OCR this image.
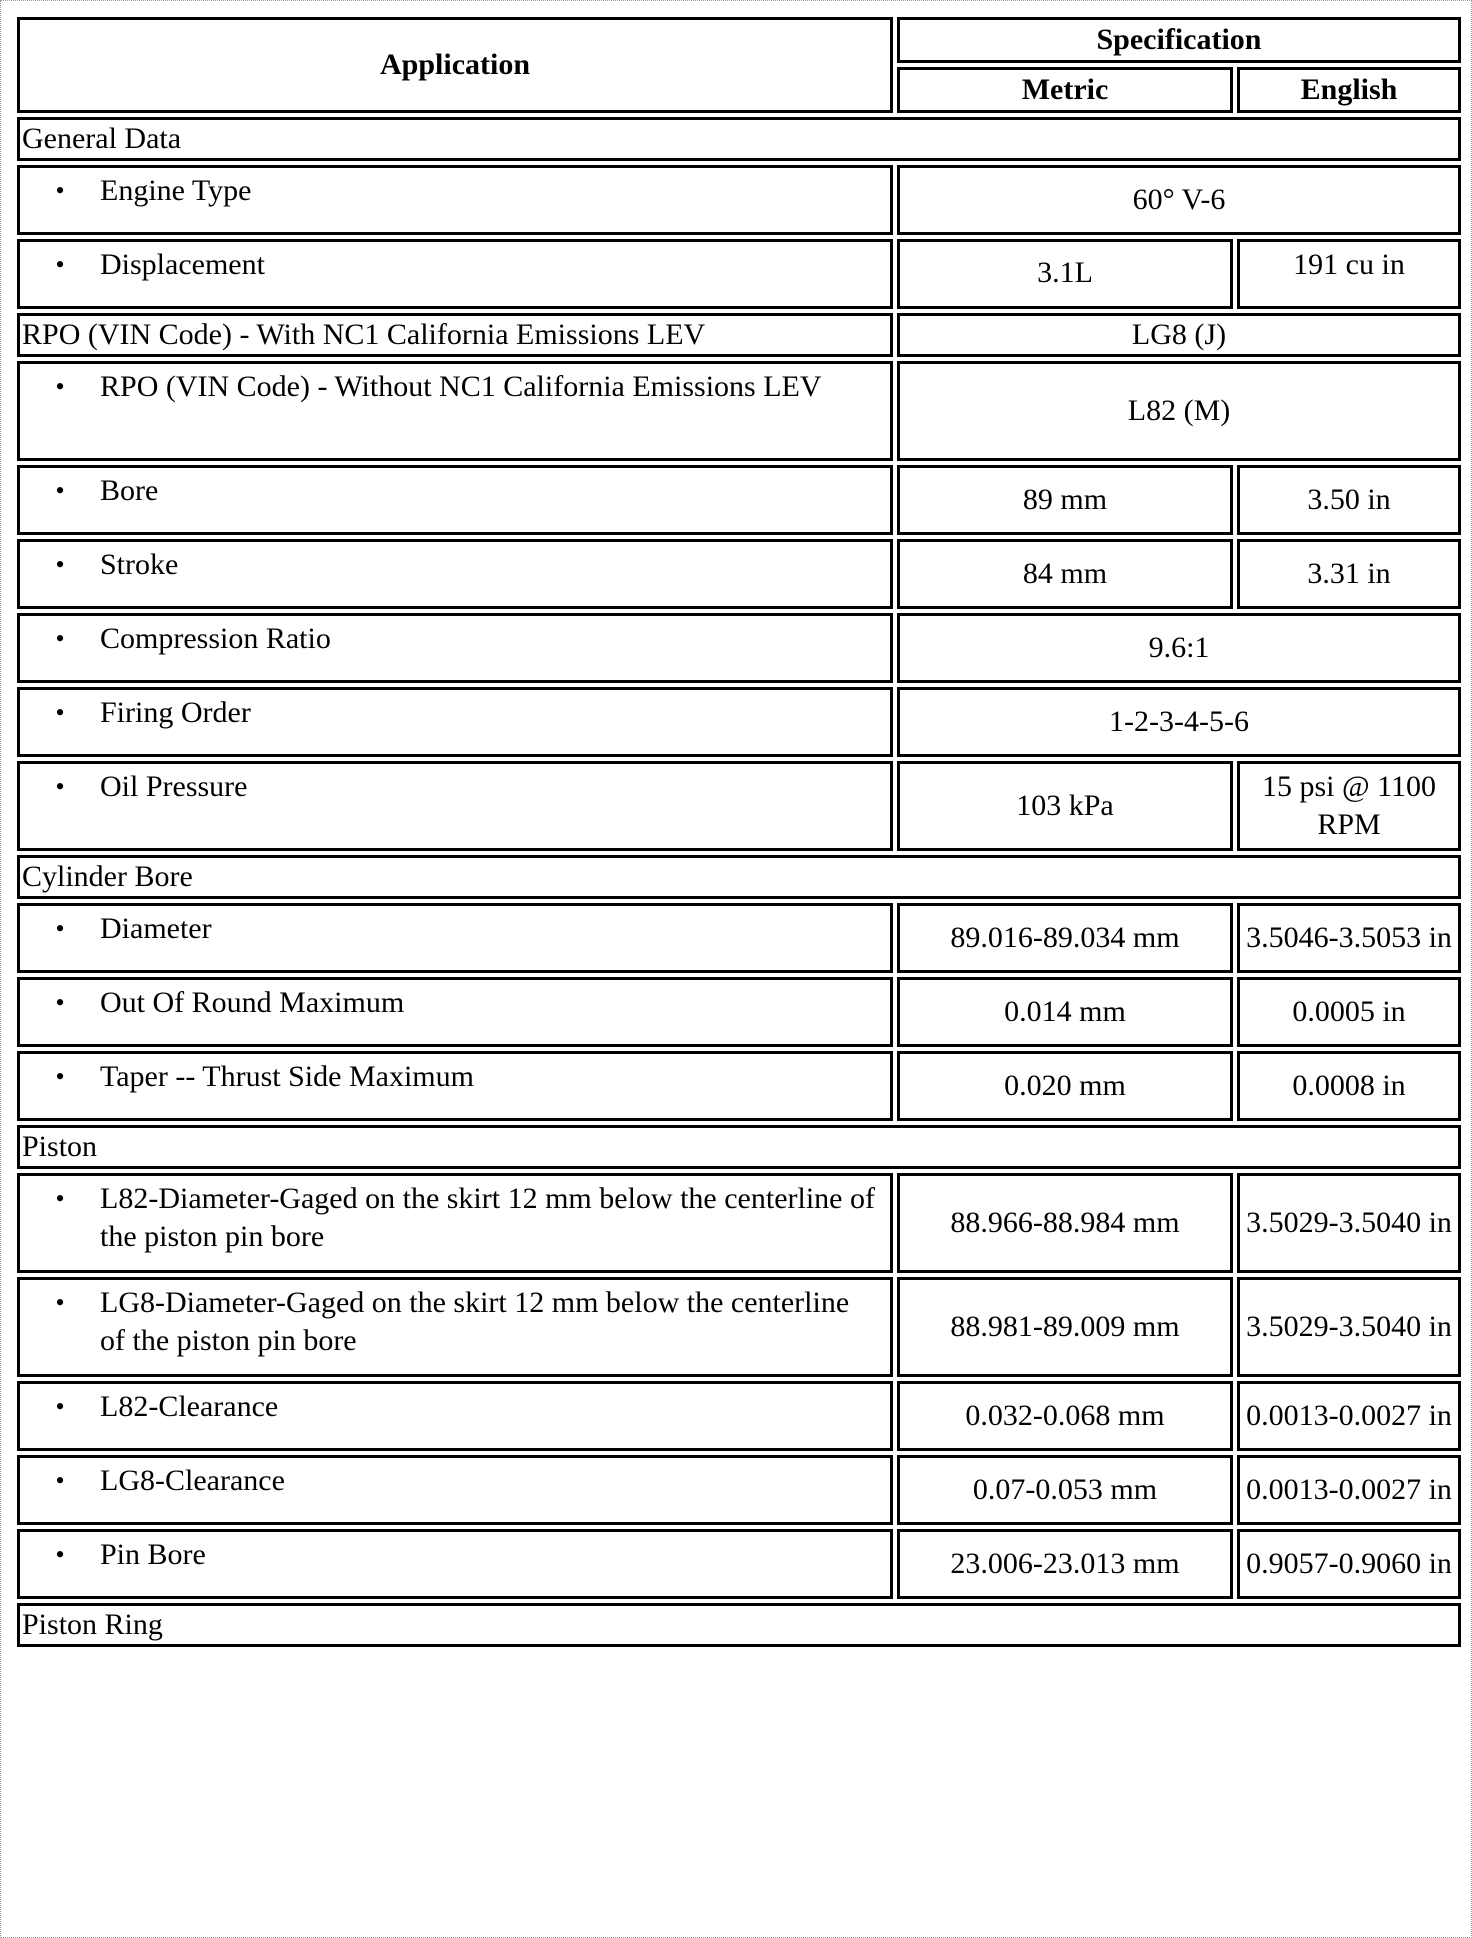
Application	Specification	
	Metric	English
General Data		

• Engine Type	60° V-6	

• Displacement	3.1L	191 cu in
RPO (VIN Code) - With NC1 California Emissions LEV	LG8 (J)	

• RPO (VIN Code) - Without NC1 California Emissions LEV	L82 (M)	

• Bore	89 mm	3.50 in

• Stroke	84 mm	3.31 in

• Compression Ratio	9.6:1	

• Firing Order	1-2-3-4-5-6	

• Oil Pressure	103 kPa	15 psi @ 1100 RPM
Cylinder Bore		

• Diameter	89.016-89.034 mm	3.5046-3.5053 in

• Out Of Round Maximum	0.014 mm	0.0005 in

• Taper -- Thrust Side Maximum	0.020 mm	0.0008 in
Piston		

• L82-Diameter-Gaged on the skirt 12 mm below the centerline of the piston pin bore	88.966-88.984 mm	3.5029-3.5040 in

• LG8-Diameter-Gaged on the skirt 12 mm below the centerline of the piston pin bore	88.981-89.009 mm	3.5029-3.5040 in

• L82-Clearance	0.032-0.068 mm	0.0013-0.0027 in

• LG8-Clearance	0.07-0.053 mm	0.0013-0.0027 in

• Pin Bore	23.006-23.013 mm	0.9057-0.9060 in
Piston Ring		
